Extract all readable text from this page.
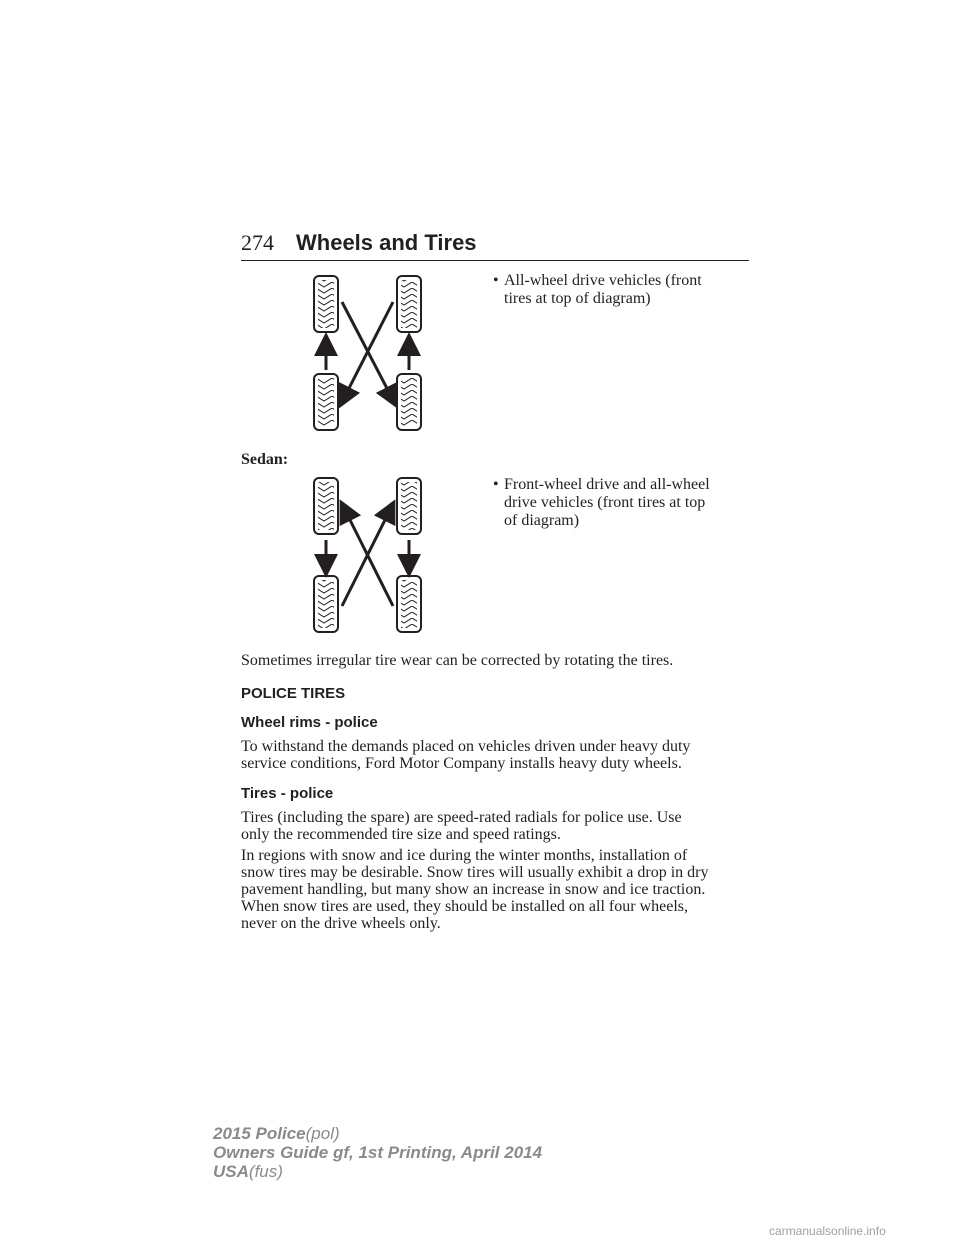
274 Wheels and Tires
• All-wheel drive vehicles (front
tires at top of diagram)
Sedan:
• Front-wheel drive and all-wheel
drive vehicles (front tires at top
of diagram)
Sometimes irregular tire wear can be corrected by rotating the tires.
POLICE TIRES
Wheel rims - police
To withstand the demands placed on vehicles driven under heavy duty
service conditions, Ford Motor Company installs heavy duty wheels.
Tires - police
Tires (including the spare) are speed-rated radials for police use. Use
only the recommended tire size and speed ratings.
In regions with snow and ice during the winter months, installation of
snow tires may be desirable. Snow tires will usually exhibit a drop in dry
pavement handling, but many show an increase in snow and ice traction.
When snow tires are used, they should be installed on all four wheels,
never on the drive wheels only.
2015 Police(pol)
Owners Guide gf, 1st Printing, April 2014
USA(fus)
carmanualsonline.info
